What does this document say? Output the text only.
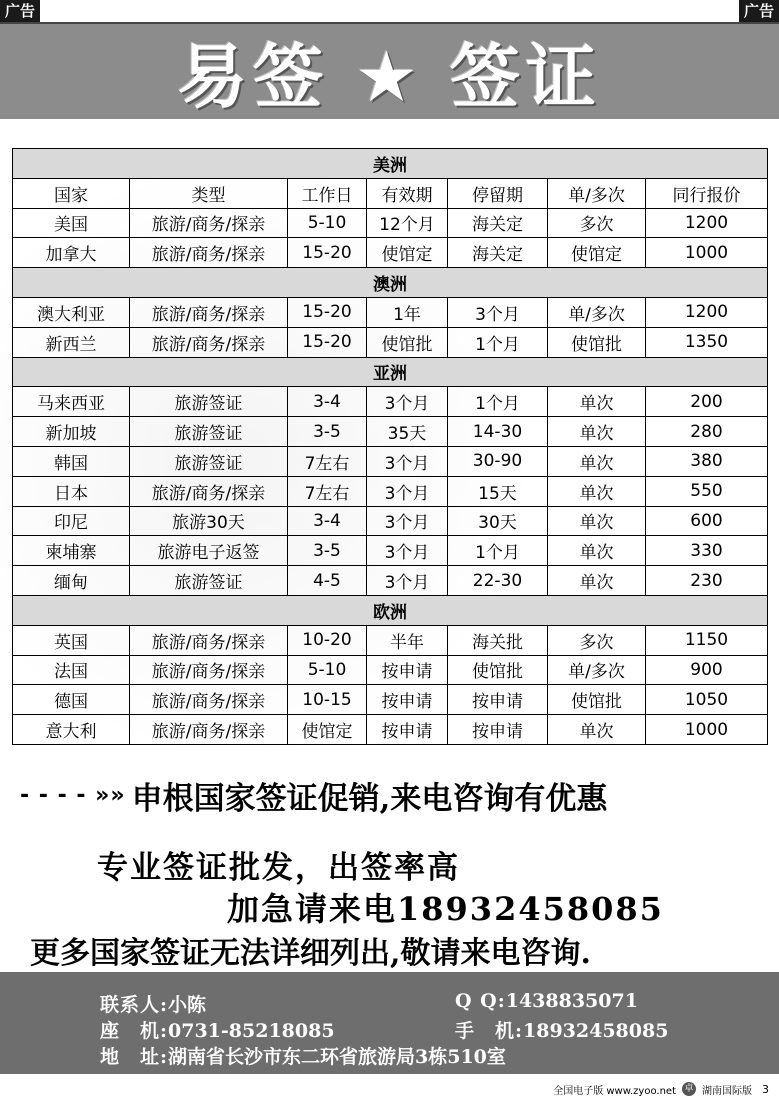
广告	广告
易签 ★ 签证
美洲						
国家	类型	工作日	有效期	停留期	单/多次	同行报价
美国	旅游/商务/探亲	5-10	12个月	海关定	多次	1200
加拿大	旅游/商务/探亲	15-20	使馆定	海关定	使馆定	1000
澳洲						
澳大利亚	旅游/商务/探亲	15-20	1年	3个月	单/多次	1200
新西兰	旅游/商务/探亲	15-20	使馆批	1个月	使馆批	1350
亚洲						
马来西亚	旅游签证	3-4	3个月	1个月	单次	200
新加坡	旅游签证	3-5	35天	14-30	单次	280
韩国	旅游签证	7左右	3个月	30-90	单次	380
日本	旅游/商务/探亲	7左右	3个月	15天	单次	550
印尼	旅游30天	3-4	3个月	30天	单次	600
柬埔寨	旅游电子返签	3-5	3个月	1个月	单次	330
缅甸	旅游签证	4-5	3个月	22-30	单次	230
欧洲						
英国	旅游/商务/探亲	10-20	半年	海关批	多次	1150
法国	旅游/商务/探亲	5-10	按申请	使馆批	单/多次	900
德国	旅游/商务/探亲	10-15	按申请	按申请	使馆批	1050
意大利	旅游/商务/探亲	使馆定	按申请	按申请	单次	1000
- - - - »» 申根国家签证促销,来电咨询有优惠
专业签证批发，出签率高
加急请来电18932458085
更多国家签证无法详细列出,敬请来电咨询.
联系人:小陈	Q Q:1438835071
座　机:0731-85218085	手　机:18932458085
地　址:湖南省长沙市东二环省旅游局3栋510室
全国电子版 www.zyoo.net 卓 湖南国际版 3
